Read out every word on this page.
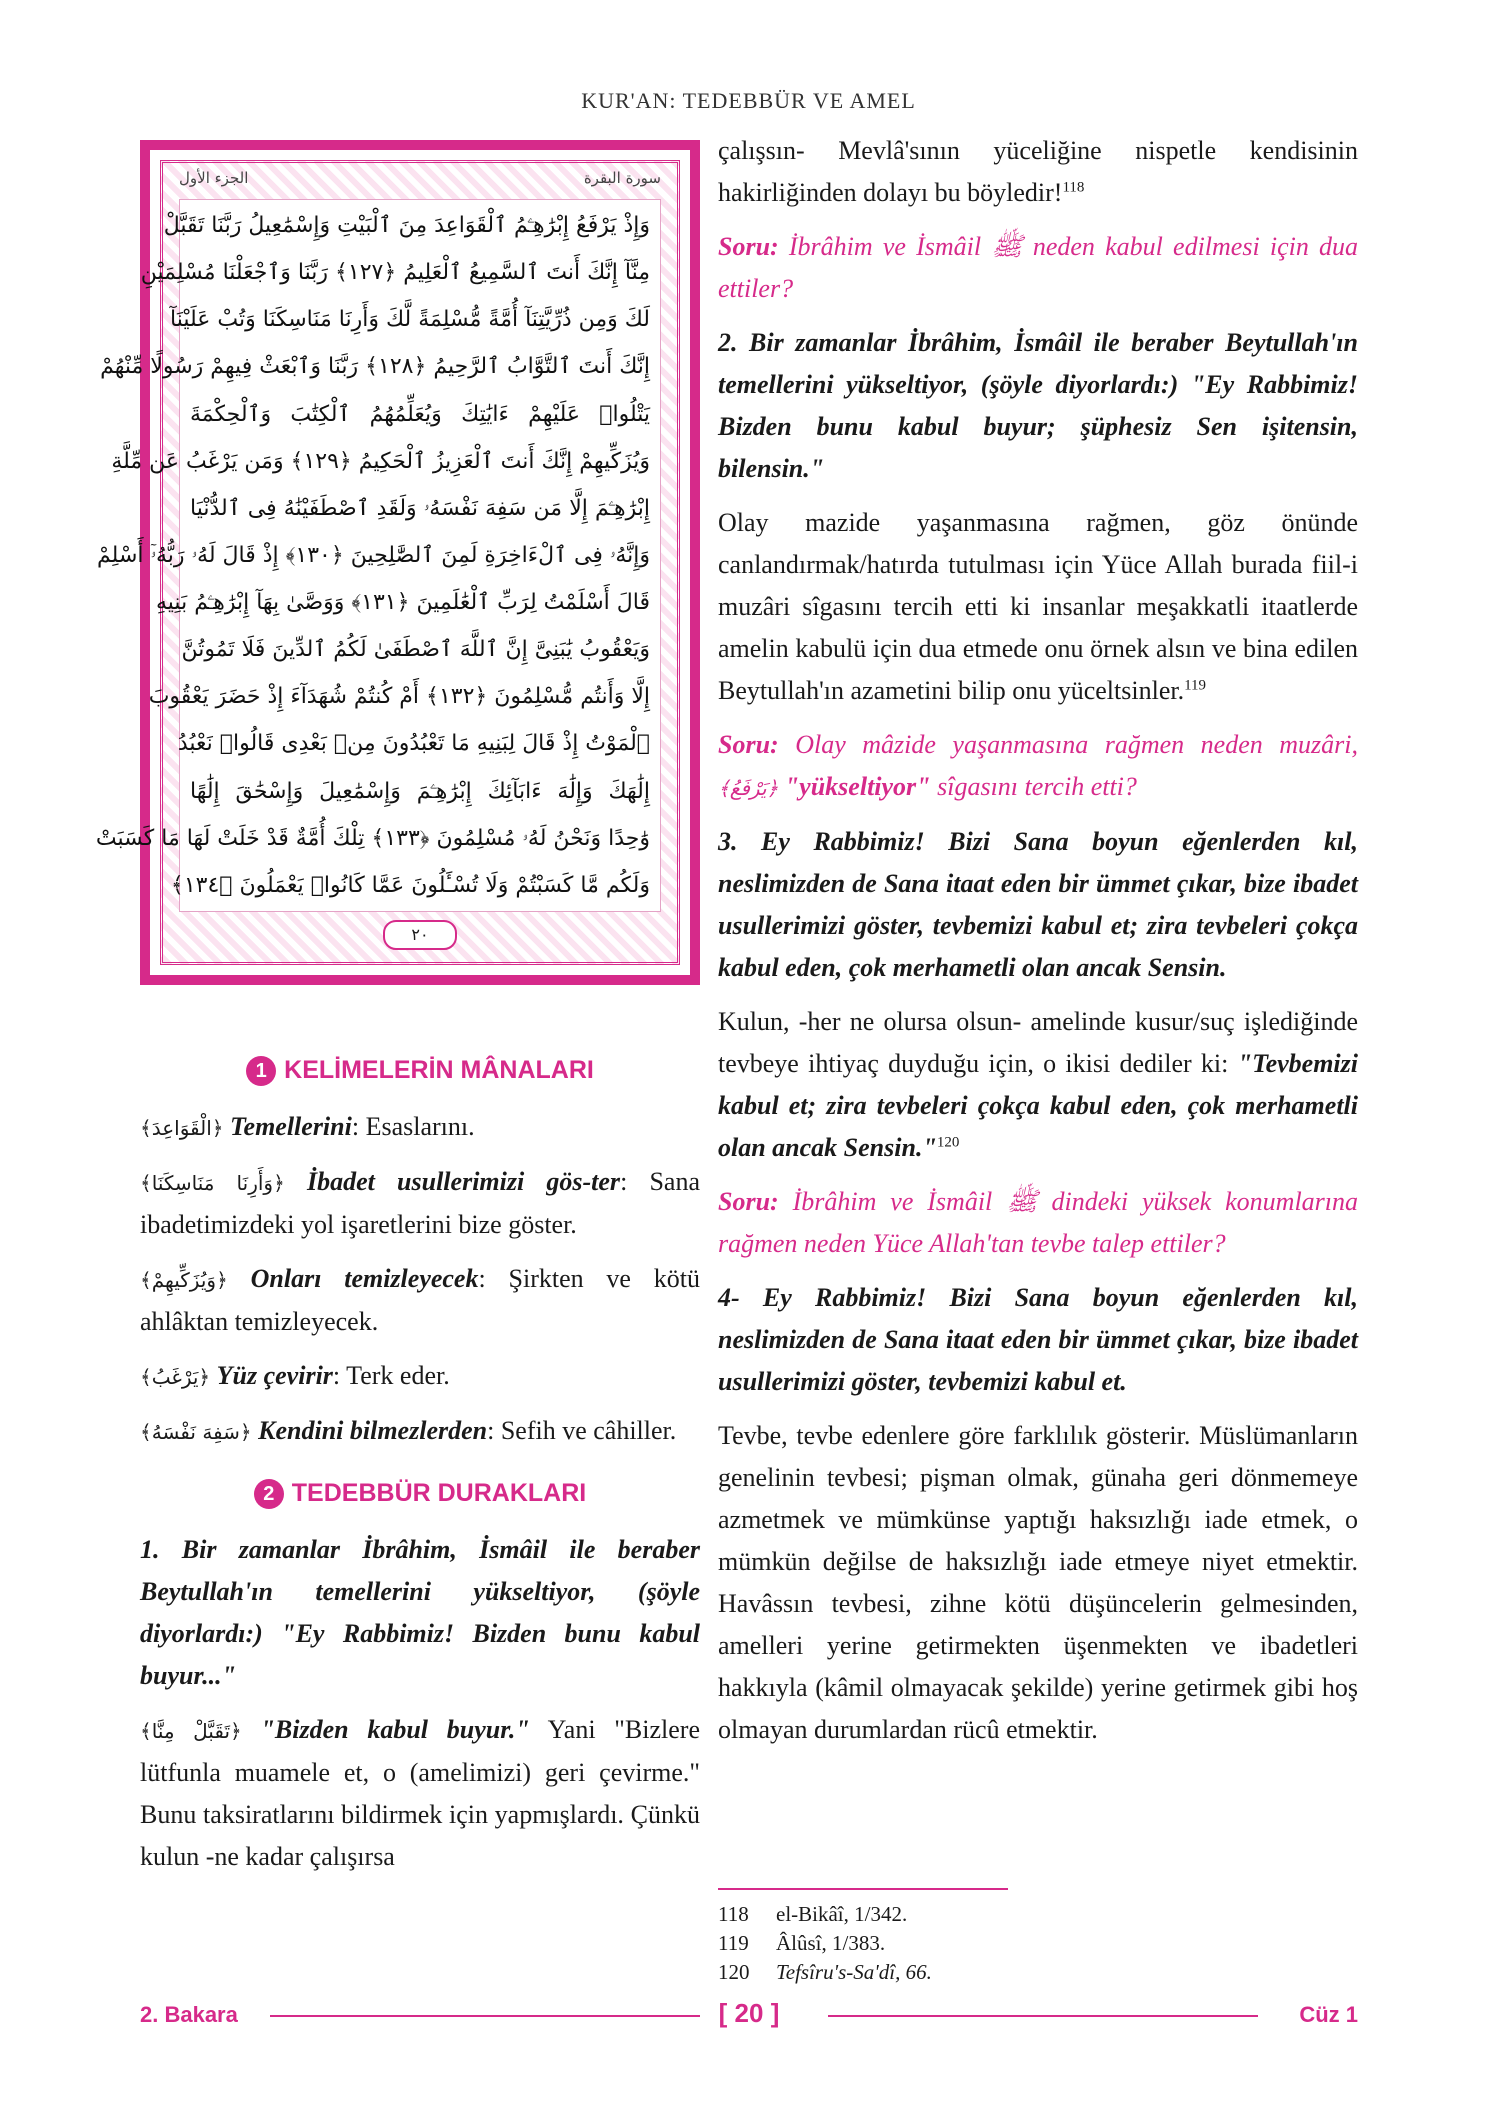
KUR'AN: TEDEBBÜR VE AMEL
سورة البقرة
الجزء الأول
وَإِذْ يَرْفَعُ إِبْرَٰهِـۧمُ ٱلْقَوَاعِدَ مِنَ ٱلْبَيْتِ وَإِسْمَٰعِيلُ رَبَّنَا تَقَبَّلْ
مِنَّآ إِنَّكَ أَنتَ ٱلسَّمِيعُ ٱلْعَلِيمُ ﴿١٢٧﴾ رَبَّنَا وَٱجْعَلْنَا مُسْلِمَيْنِ
لَكَ وَمِن ذُرِّيَّتِنَآ أُمَّةً مُّسْلِمَةً لَّكَ وَأَرِنَا مَنَاسِكَنَا وَتُبْ عَلَيْنَآ
إِنَّكَ أَنتَ ٱلتَّوَّابُ ٱلرَّحِيمُ ﴿١٢٨﴾ رَبَّنَا وَٱبْعَثْ فِيهِمْ رَسُولًا مِّنْهُمْ
يَتْلُوا۟ عَلَيْهِمْ ءَايَٰتِكَ وَيُعَلِّمُهُمُ ٱلْكِتَٰبَ وَٱلْحِكْمَةَ
وَيُزَكِّيهِمْ إِنَّكَ أَنتَ ٱلْعَزِيزُ ٱلْحَكِيمُ ﴿١٢٩﴾ وَمَن يَرْغَبُ عَن مِّلَّةِ
إِبْرَٰهِـۧمَ إِلَّا مَن سَفِهَ نَفْسَهُۥ وَلَقَدِ ٱصْطَفَيْنَٰهُ فِى ٱلدُّنْيَا
وَإِنَّهُۥ فِى ٱلْءَاخِرَةِ لَمِنَ ٱلصَّٰلِحِينَ ﴿١٣٠﴾ إِذْ قَالَ لَهُۥ رَبُّهُۥٓ أَسْلِمْ
قَالَ أَسْلَمْتُ لِرَبِّ ٱلْعَٰلَمِينَ ﴿١٣١﴾ وَوَصَّىٰ بِهَآ إِبْرَٰهِـۧمُ بَنِيهِ
وَيَعْقُوبُ يَٰبَنِىَّ إِنَّ ٱللَّهَ ٱصْطَفَىٰ لَكُمُ ٱلدِّينَ فَلَا تَمُوتُنَّ
إِلَّا وَأَنتُم مُّسْلِمُونَ ﴿١٣٢﴾ أَمْ كُنتُمْ شُهَدَآءَ إِذْ حَضَرَ يَعْقُوبَ
ٱلْمَوْتُ إِذْ قَالَ لِبَنِيهِ مَا تَعْبُدُونَ مِنۢ بَعْدِى قَالُوا۟ نَعْبُدُ
إِلَٰهَكَ وَإِلَٰهَ ءَابَآئِكَ إِبْرَٰهِـۧمَ وَإِسْمَٰعِيلَ وَإِسْحَٰقَ إِلَٰهًا
وَٰحِدًا وَنَحْنُ لَهُۥ مُسْلِمُونَ ﴿١٣٣﴾ تِلْكَ أُمَّةٌ قَدْ خَلَتْ لَهَا مَا كَسَبَتْ
وَلَكُم مَّا كَسَبْتُمْ وَلَا تُسْـَٔلُونَ عَمَّا كَانُوا۟ يَعْمَلُونَ ﴿١٣٤﴾
٢٠
1 KELİMELERİN MÂNALARI

﴿الْقَوَاعِدَ﴾ Temellerini: Esaslarını.

﴿وَأَرِنَا مَنَاسِكَنَا﴾ İbadet usullerimizi gös-ter: Sana ibadetimizdeki yol işaretlerini bize göster.

﴿وَيُزَكِّيهِمْ﴾ Onları temizleyecek: Şirkten ve kötü ahlâktan temizleyecek.

﴿يَرْغَبُ﴾ Yüz çevirir: Terk eder.

﴿سَفِهَ نَفْسَهُ﴾ Kendini bilmezlerden: Sefih ve câhiller.

2 TEDEBBÜR DURAKLARI

1. Bir zamanlar İbrâhim, İsmâil ile beraber Beytullah'ın temellerini yükseltiyor, (şöyle diyorlardı:) "Ey Rabbimiz! Bizden bunu kabul buyur..."

﴿تَقَبَّلْ مِنَّا﴾ "Bizden kabul buyur." Yani "Bizlere lütfunla muamele et, o (amelimizi) geri çevirme." Bunu taksiratlarını bildirmek için yapmışlardı. Çünkü kulun -ne kadar çalışırsa

çalışsın- Mevlâ'sının yüceliğine nispetle kendisinin hakirliğinden dolayı bu böyledir!$^{118}$

Soru: İbrâhim ve İsmâil ﷺ neden kabul edilmesi için dua ettiler?

2. Bir zamanlar İbrâhim, İsmâil ile beraber Beytullah'ın temellerini yükseltiyor, (şöyle diyorlardı:) "Ey Rabbimiz! Bizden bunu kabul buyur; şüphesiz Sen işitensin, bilensin."

Olay mazide yaşanmasına rağmen, göz önünde canlandırmak/hatırda tutulması için Yüce Allah burada fiil-i muzâri sîgasını tercih etti ki insanlar meşakkatli itaatlerde amelin kabulü için dua etmede onu örnek alsın ve bina edilen Beytullah'ın azametini bilip onu yüceltsinler.$^{119}$

Soru: Olay mâzide yaşanmasına rağmen neden muzâri, ﴿يَرْفَعُ﴾ "yükseltiyor" sîgasını tercih etti?

3. Ey Rabbimiz! Bizi Sana boyun eğenlerden kıl, neslimizden de Sana itaat eden bir ümmet çıkar, bize ibadet usullerimizi göster, tevbemizi kabul et; zira tevbeleri çokça kabul eden, çok merhametli olan ancak Sensin.

Kulun, -her ne olursa olsun- amelinde kusur/suç işlediğinde tevbeye ihtiyaç duyduğu için, o ikisi dediler ki: "Tevbemizi kabul et; zira tevbeleri çokça kabul eden, çok merhametli olan ancak Sensin."$^{120}$

Soru: İbrâhim ve İsmâil ﷺ dindeki yüksek konumlarına rağmen neden Yüce Allah'tan tevbe talep ettiler?

4- Ey Rabbimiz! Bizi Sana boyun eğenlerden kıl, neslimizden de Sana itaat eden bir ümmet çıkar, bize ibadet usullerimizi göster, tevbemizi kabul et.

Tevbe, tevbe edenlere göre farklılık gösterir. Müslümanların genelinin tevbesi; pişman olmak, günaha geri dönmemeye azmetmek ve mümkünse yaptığı haksızlığı iade etmek, o mümkün değilse de haksızlığı iade etmeye niyet etmektir. Havâssın tevbesi, zihne kötü düşüncelerin gelmesinden, amelleri yerine getirmekten üşenmekten ve ibadetleri hakkıyla (kâmil olmayacak şekilde) yerine getirmek gibi hoş olmayan durumlardan rücû etmektir.

118	el-Bikâî, 1/342.
119	Âlûsî, 1/383.
120	Tefsîru's-Sa'dî, 66.
2. Bakara	[ 20 ]	Cüz 1
